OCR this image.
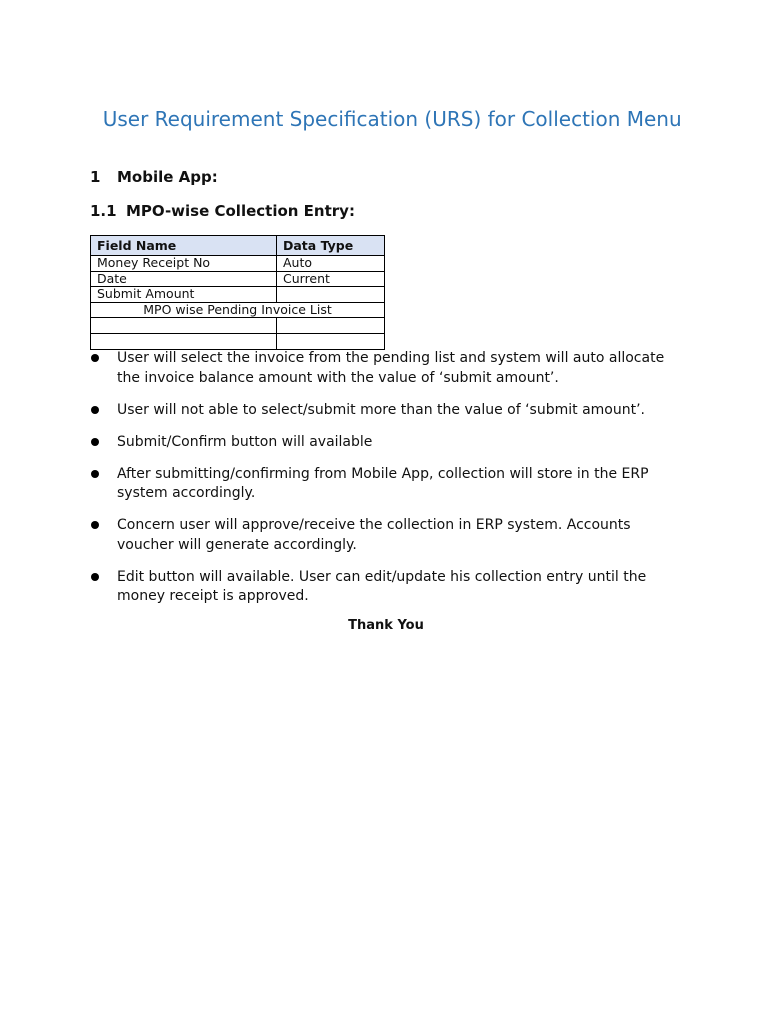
User Requirement Specification (URS) for Collection Menu
1 Mobile App:
1.1 MPO-wise Collection Entry:
Field Name	Data Type
Money Receipt No	Auto
Date	Current
Submit Amount	
MPO wise Pending Invoice List	

User will select the invoice from the pending list and system will auto allocate the invoice balance amount with the value of ‘submit amount’.
User will not able to select/submit more than the value of ‘submit amount’.
Submit/Confirm button will available
After submitting/confirming from Mobile App, collection will store in the ERP system accordingly.
Concern user will approve/receive the collection in ERP system. Accounts voucher will generate accordingly.
Edit button will available. User can edit/update his collection entry until the money receipt is approved.
Thank You
